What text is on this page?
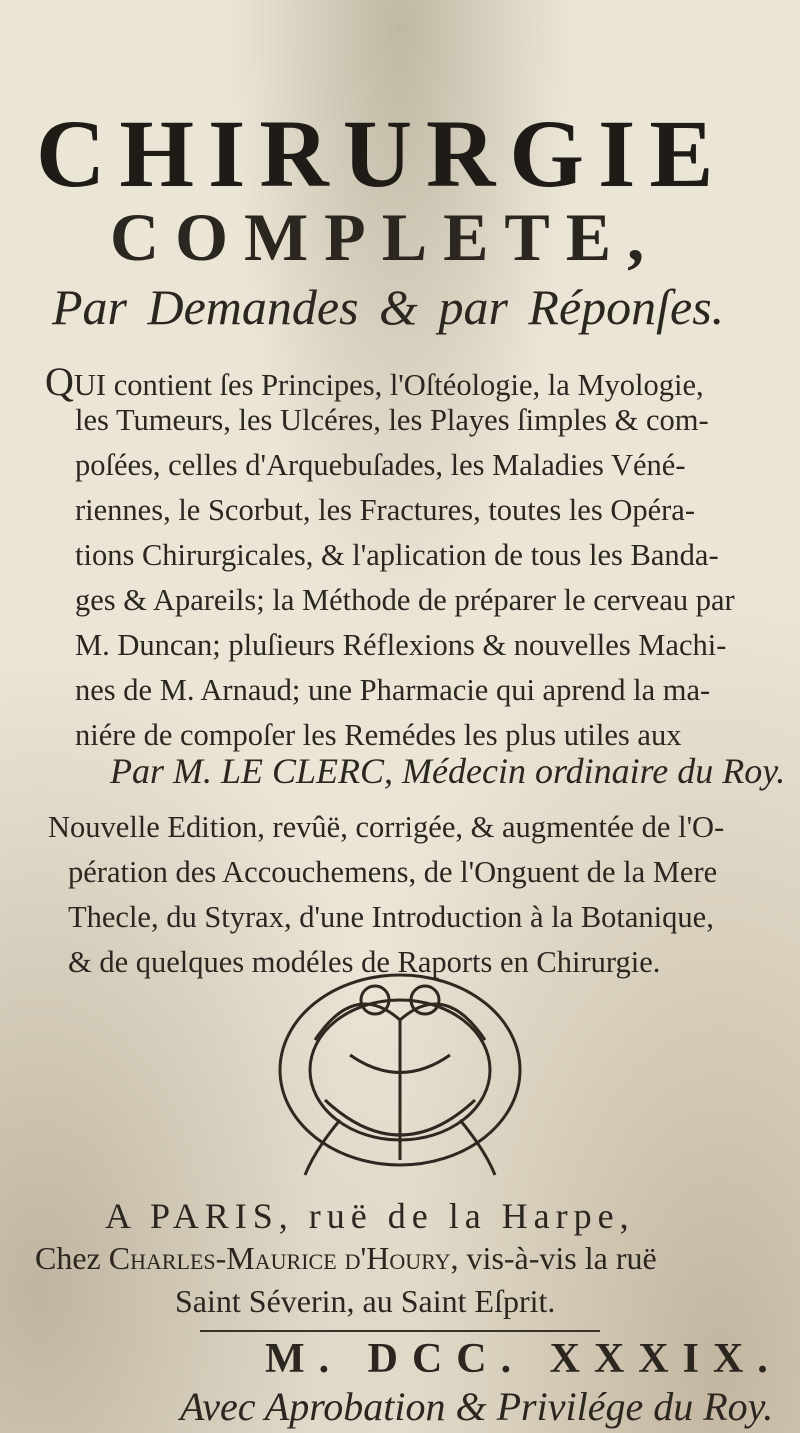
CHIRURGIE
COMPLETE,
Par Demandes & par Réponſes.
QUI contient ſes Principes, l'Oſtéologie, la Myologie,
les Tumeurs, les Ulcéres, les Playes ſimples & com-
poſées, celles d'Arquebuſades, les Maladies Véné-
riennes, le Scorbut, les Fractures, toutes les Opéra-
tions Chirurgicales, & l'aplication de tous les Banda-
ges & Apareils; la Méthode de préparer le cerveau par
M. Duncan; pluſieurs Réflexions & nouvelles Machi-
nes de M. Arnaud; une Pharmacie qui aprend la ma-
niére de compoſer les Remédes les plus utiles aux
Par M. LE CLERC, Médecin ordinaire du Roy.
Nouvelle Edition, revûë, corrigée, & augmentée de l'O-
pération des Accouchemens, de l'Onguent de la Mere
Thecle, du Styrax, d'une Introduction à la Botanique,
& de quelques modéles de Raports en Chirurgie.
A PARIS, ruë de la Harpe,
Chez Charles-Maurice d'Houry, vis-à-vis la ruë
Saint Séverin, au Saint Eſprit.
M. DCC. XXXIX.
Avec Aprobation & Privilége du Roy.
